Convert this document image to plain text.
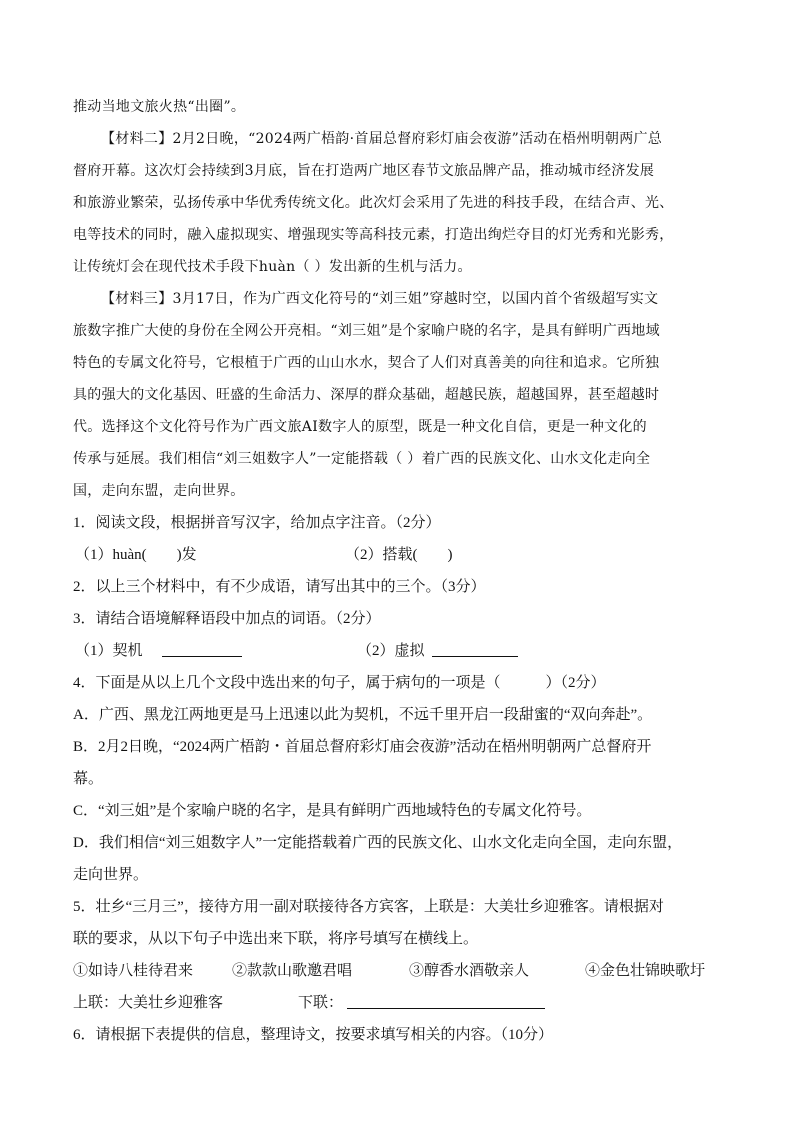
推动当地文旅火热“出圈”。
【材料二】2月2日晚，“2024两广梧韵·首届总督府彩灯庙会夜游”活动在梧州明朝两广总
督府开幕。这次灯会持续到3月底，旨在打造两广地区春节文旅品牌产品，推动城市经济发展
和旅游业繁荣，弘扬传承中华优秀传统文化。此次灯会采用了先进的科技手段，在结合声、光、
电等技术的同时，融入虚拟现实、增强现实等高科技元素，打造出绚烂夺目的灯光秀和光影秀，
让传统灯会在现代技术手段下huàn（ ）发出新的生机与活力。
【材料三】3月17日，作为广西文化符号的“刘三姐”穿越时空，以国内首个省级超写实文
旅数字推广大使的身份在全网公开亮相。“刘三姐”是个家喻户晓的名字，是具有鲜明广西地域
特色的专属文化符号，它根植于广西的山山水水，契合了人们对真善美的向往和追求。它所独
具的强大的文化基因、旺盛的生命活力、深厚的群众基础，超越民族，超越国界，甚至超越时
代。选择这个文化符号作为广西文旅AI数字人的原型，既是一种文化自信，更是一种文化的
传承与延展。我们相信“刘三姐数字人”一定能搭载（ ）着广西的民族文化、山水文化走向全
国，走向东盟，走向世界。
1．阅读文段，根据拼音写汉字，给加点字注音。（2分）
（1）huàn(　　)发	（2）搭载(　　)
2．以上三个材料中，有不少成语，请写出其中的三个。（3分）
3．请结合语境解释语段中加点的词语。（2分）
（1）契机	（2）虚拟
4．下面是从以上几个文段中选出来的句子，属于病句的一项是（　　　）（2分）
A．广西、黑龙江两地更是马上迅速以此为契机，不远千里开启一段甜蜜的“双向奔赴”。
B．2月2日晚，“2024两广梧韵・首届总督府彩灯庙会夜游”活动在梧州明朝两广总督府开
幕。
C．“刘三姐”是个家喻户晓的名字，是具有鲜明广西地域特色的专属文化符号。
D．我们相信“刘三姐数字人”一定能搭载着广西的民族文化、山水文化走向全国，走向东盟，
走向世界。
5．壮乡“三月三”，接待方用一副对联接待各方宾客，上联是：大美壮乡迎雅客。请根据对
联的要求，从以下句子中选出来下联，将序号填写在横线上。
①如诗八桂待君来	②款款山歌邀君唱	③醇香水酒敬亲人	④金色壮锦映歌圩
上联：大美壮乡迎雅客	下联：
6．请根据下表提供的信息，整理诗文，按要求填写相关的内容。（10分）
